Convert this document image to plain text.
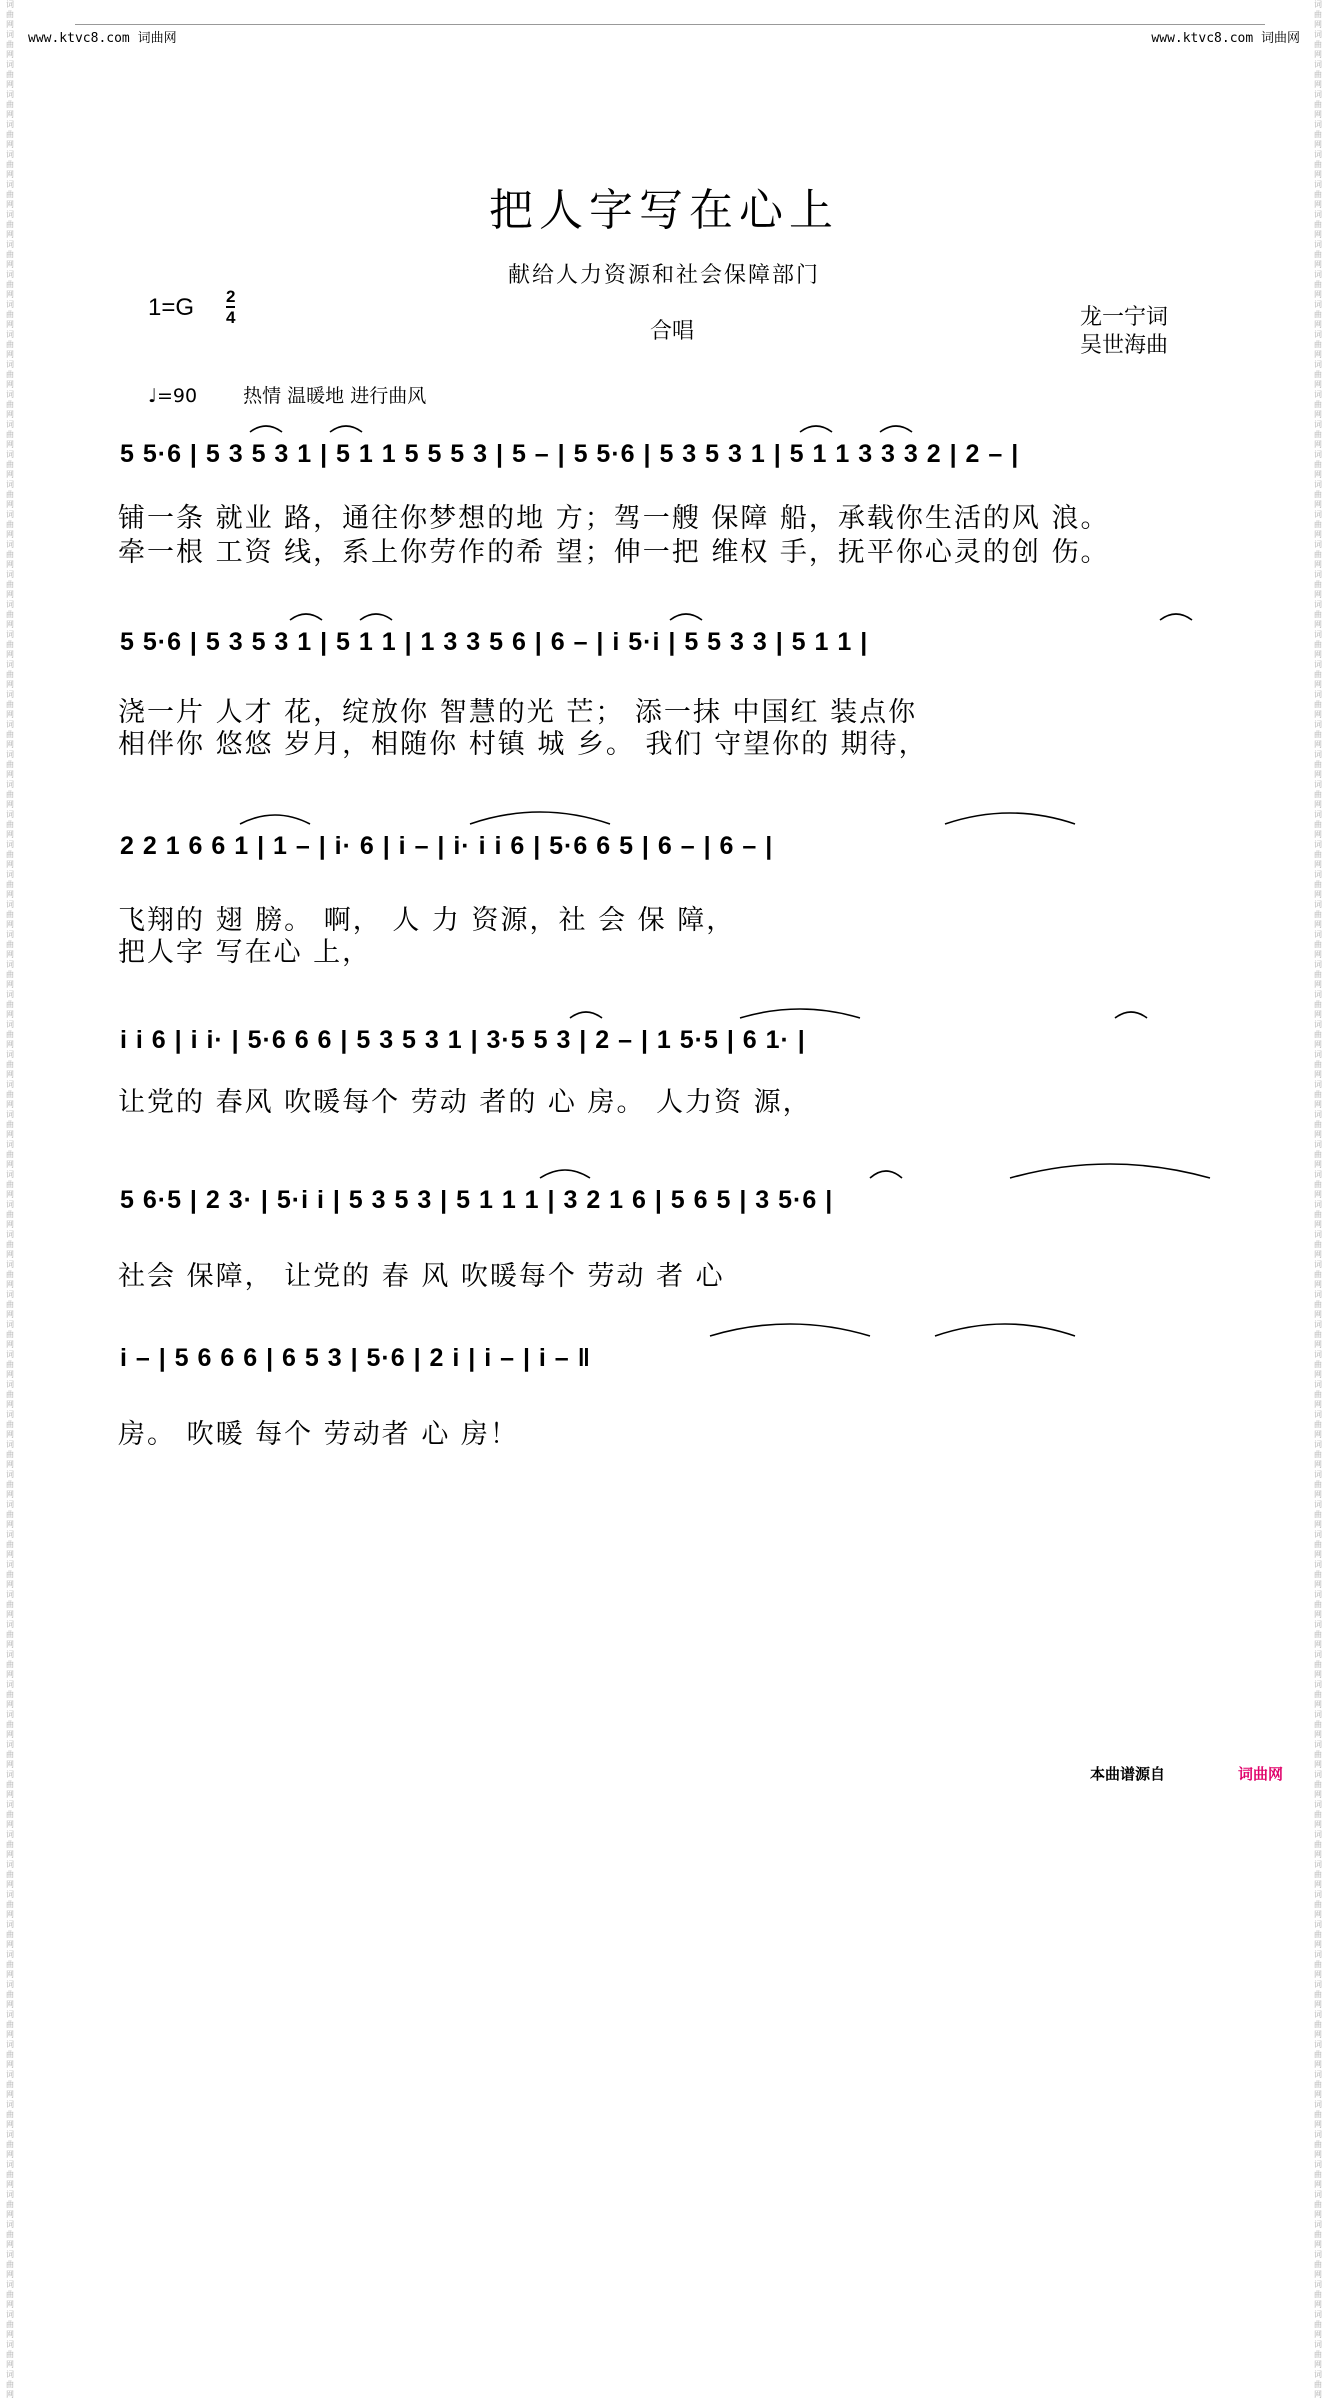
词曲网词曲网词曲网词曲网词曲网词曲网词曲网词曲网词曲网词曲网词曲网词曲网词曲网词曲网词曲网词曲网词曲网词曲网词曲网词曲网词曲网词曲网词曲网词曲网词曲网词曲网词曲网词曲网词曲网词曲网词曲网词曲网词曲网词曲网词曲网词曲网词曲网词曲网词曲网词曲网词曲网词曲网词曲网词曲网词曲网词曲网词曲网词曲网词曲网词曲网词曲网词曲网词曲网词曲网词曲网词曲网词曲网词曲网词曲网词曲网词曲网词曲网词曲网词曲网词曲网词曲网词曲网词曲网词曲网词曲网词曲网词曲网词曲网词曲网词曲网词曲网词曲网词曲网词曲网词曲网
词曲网词曲网词曲网词曲网词曲网词曲网词曲网词曲网词曲网词曲网词曲网词曲网词曲网词曲网词曲网词曲网词曲网词曲网词曲网词曲网词曲网词曲网词曲网词曲网词曲网词曲网词曲网词曲网词曲网词曲网词曲网词曲网词曲网词曲网词曲网词曲网词曲网词曲网词曲网词曲网词曲网词曲网词曲网词曲网词曲网词曲网词曲网词曲网词曲网词曲网词曲网词曲网词曲网词曲网词曲网词曲网词曲网词曲网词曲网词曲网词曲网词曲网词曲网词曲网词曲网词曲网词曲网词曲网词曲网词曲网词曲网词曲网词曲网词曲网词曲网词曲网词曲网词曲网词曲网词曲网
www.ktvc8.com 词曲网	www.ktvc8.com 词曲网
把人字写在心上
献给人力资源和社会保障部门
1=G 2
4
合唱
龙一宁词
吴世海曲
♩=90 热情 温暖地 进行曲风
5 5·6 | 5 3 5 3 1 | 5 1 1 5 5 5 3 | 5 – | 5 5·6 | 5 3 5 3 1 | 5 1 1 3 3 3 2 | 2 – |
铺一条 就业 路，通往你梦想的地 方；驾一艘 保障 船，承载你生活的风 浪。
牵一根 工资 线，系上你劳作的希 望；伸一把 维权 手，抚平你心灵的创 伤。
5 5·6 | 5 3 5 3 1 | 5 1 1 | 1 3 3 5 6 | 6 – | i 5·i | 5 5 3 3 | 5 1 1 |
浇一片 人才 花，绽放你 智慧的光 芒； 添一抹 中国红 装点你
相伴你 悠悠 岁月，相随你 村镇 城 乡。 我们 守望你的 期待，
2 2 1 6 6 1 | 1 – | i· 6 | i – | i· i i 6 | 5·6 6 5 | 6 – | 6 – |
飞翔的 翅 膀。 啊， 人 力 资源，社 会 保 障，
把人字 写在心 上，
i i 6 | i i· | 5·6 6 6 | 5 3 5 3 1 | 3·5 5 3 | 2 – | 1 5·5 | 6 1· |
让党的 春风 吹暖每个 劳动 者的 心 房。 人力资 源，
5 6·5 | 2 3· | 5·i i | 5 3 5 3 | 5 1 1 1 | 3 2 1 6 | 5 6 5 | 3 5·6 |
社会 保障， 让党的 春 风 吹暖每个 劳动 者 心
i – | 5 6 6 6 | 6 5 3 | 5·6 | 2 i | i – | i – ‖
房。 吹暖 每个 劳动者 心 房！
本曲谱源自	词曲网
